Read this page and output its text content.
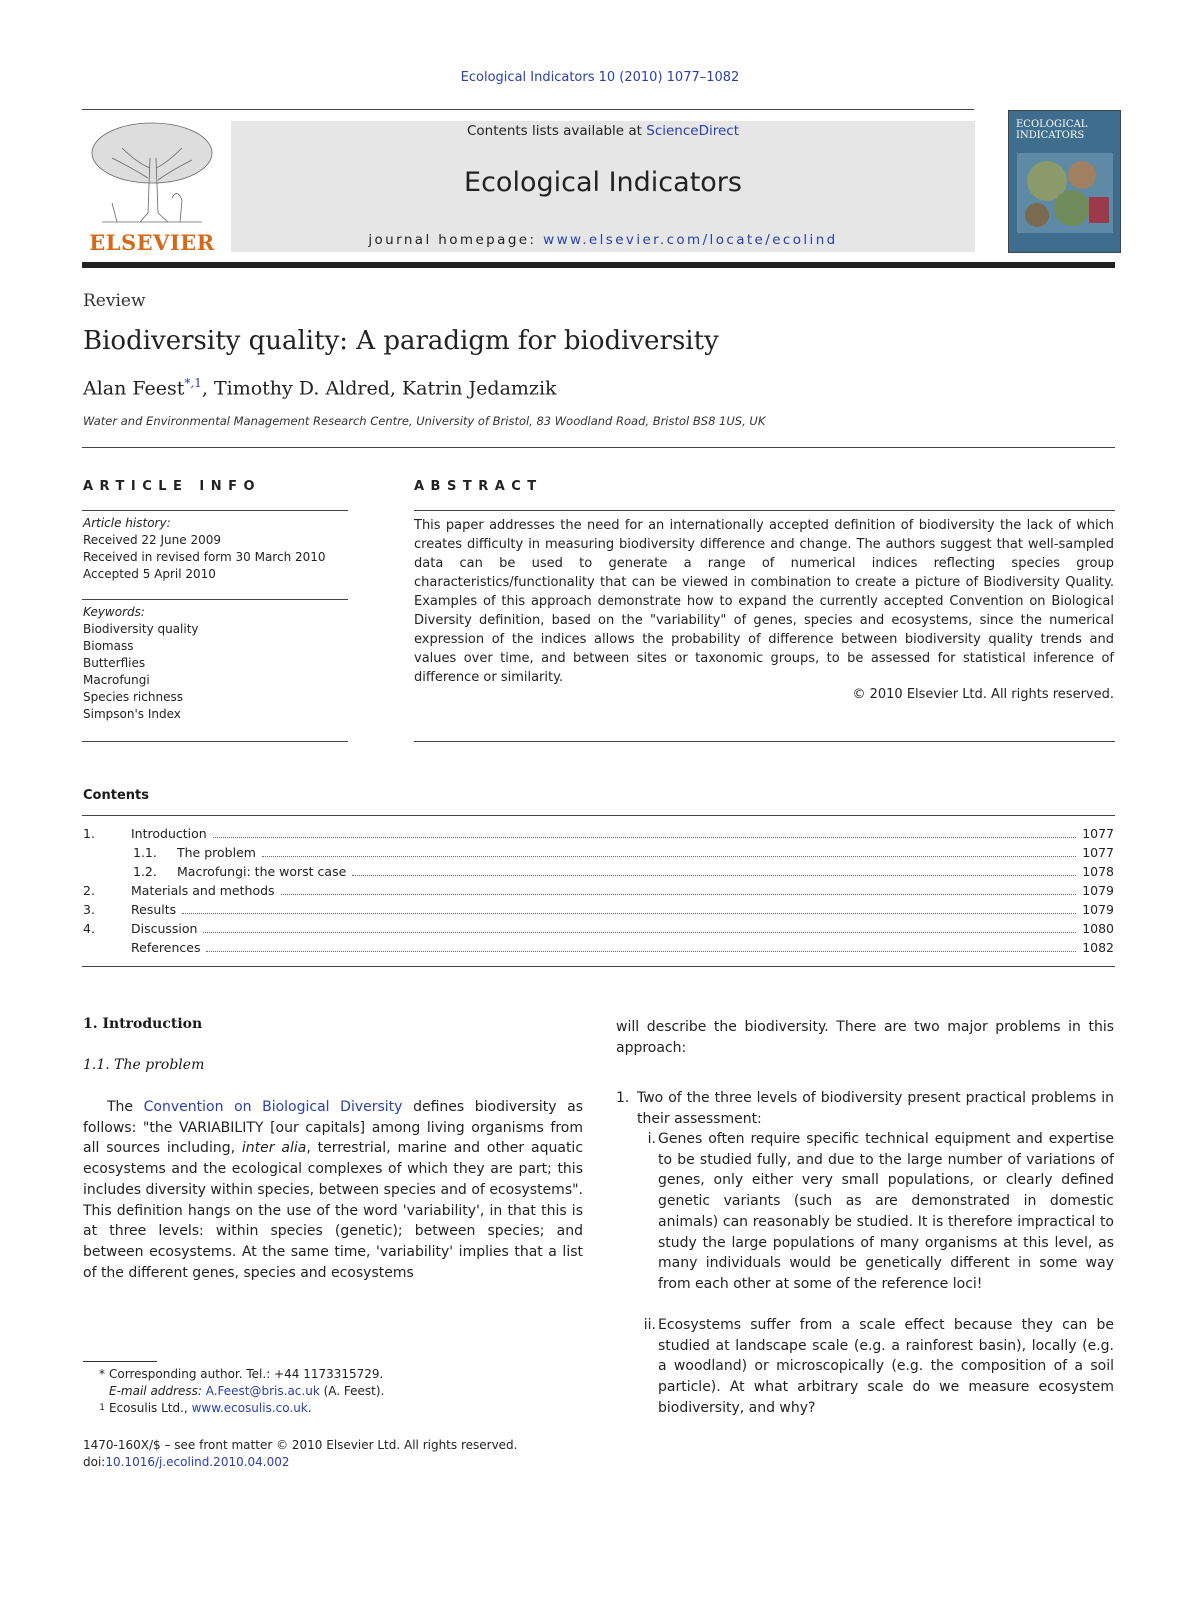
Ecological Indicators 10 (2010) 1077–1082
ELSEVIER
Contents lists available at ScienceDirect
Ecological Indicators
journal homepage: www.elsevier.com/locate/ecolind
ECOLOGICAL INDICATORS
Review
Biodiversity quality: A paradigm for biodiversity
Alan Feest$^{*,1}$, Timothy D. Aldred, Katrin Jedamzik
Water and Environmental Management Research Centre, University of Bristol, 83 Woodland Road, Bristol BS8 1US, UK
ARTICLE INFO
Article history:
Received 22 June 2009
Received in revised form 30 March 2010
Accepted 5 April 2010
Keywords:
Biodiversity quality
Biomass
Butterflies
Macrofungi
Species richness
Simpson's Index
ABSTRACT
This paper addresses the need for an internationally accepted definition of biodiversity the lack of which creates difficulty in measuring biodiversity difference and change. The authors suggest that well-sampled data can be used to generate a range of numerical indices reflecting species group characteristics/functionality that can be viewed in combination to create a picture of Biodiversity Quality. Examples of this approach demonstrate how to expand the currently accepted Convention on Biological Diversity definition, based on the "variability" of genes, species and ecosystems, since the numerical expression of the indices allows the probability of difference between biodiversity quality trends and values over time, and between sites or taxonomic groups, to be assessed for statistical inference of difference or similarity.
© 2010 Elsevier Ltd. All rights reserved.
Contents
1.	Introduction	1077
1.1.	The problem	1077
1.2.	Macrofungi: the worst case	1078
2.	Materials and methods	1079
3.	Results	1079
4.	Discussion	1080
References	1082
1. Introduction
1.1. The problem
The Convention on Biological Diversity defines biodiversity as follows: "the VARIABILITY [our capitals] among living organisms from all sources including, inter alia, terrestrial, marine and other aquatic ecosystems and the ecological complexes of which they are part; this includes diversity within species, between species and of ecosystems". This definition hangs on the use of the word 'variability', in that this is at three levels: within species (genetic); between species; and between ecosystems. At the same time, 'variability' implies that a list of the different genes, species and ecosystems
* Corresponding author. Tel.: +44 1173315729.
E-mail address: A.Feest@bris.ac.uk (A. Feest).
1 Ecosulis Ltd., www.ecosulis.co.uk.
1470-160X/$ – see front matter © 2010 Elsevier Ltd. All rights reserved.
doi:10.1016/j.ecolind.2010.04.002
will describe the biodiversity. There are two major problems in this approach:
1. Two of the three levels of biodiversity present practical problems in their assessment:
i. Genes often require specific technical equipment and expertise to be studied fully, and due to the large number of variations of genes, only either very small populations, or clearly defined genetic variants (such as are demonstrated in domestic animals) can reasonably be studied. It is therefore impractical to study the large populations of many organisms at this level, as many individuals would be genetically different in some way from each other at some of the reference loci!
ii. Ecosystems suffer from a scale effect because they can be studied at landscape scale (e.g. a rainforest basin), locally (e.g. a woodland) or microscopically (e.g. the composition of a soil particle). At what arbitrary scale do we measure ecosystem biodiversity, and why?
